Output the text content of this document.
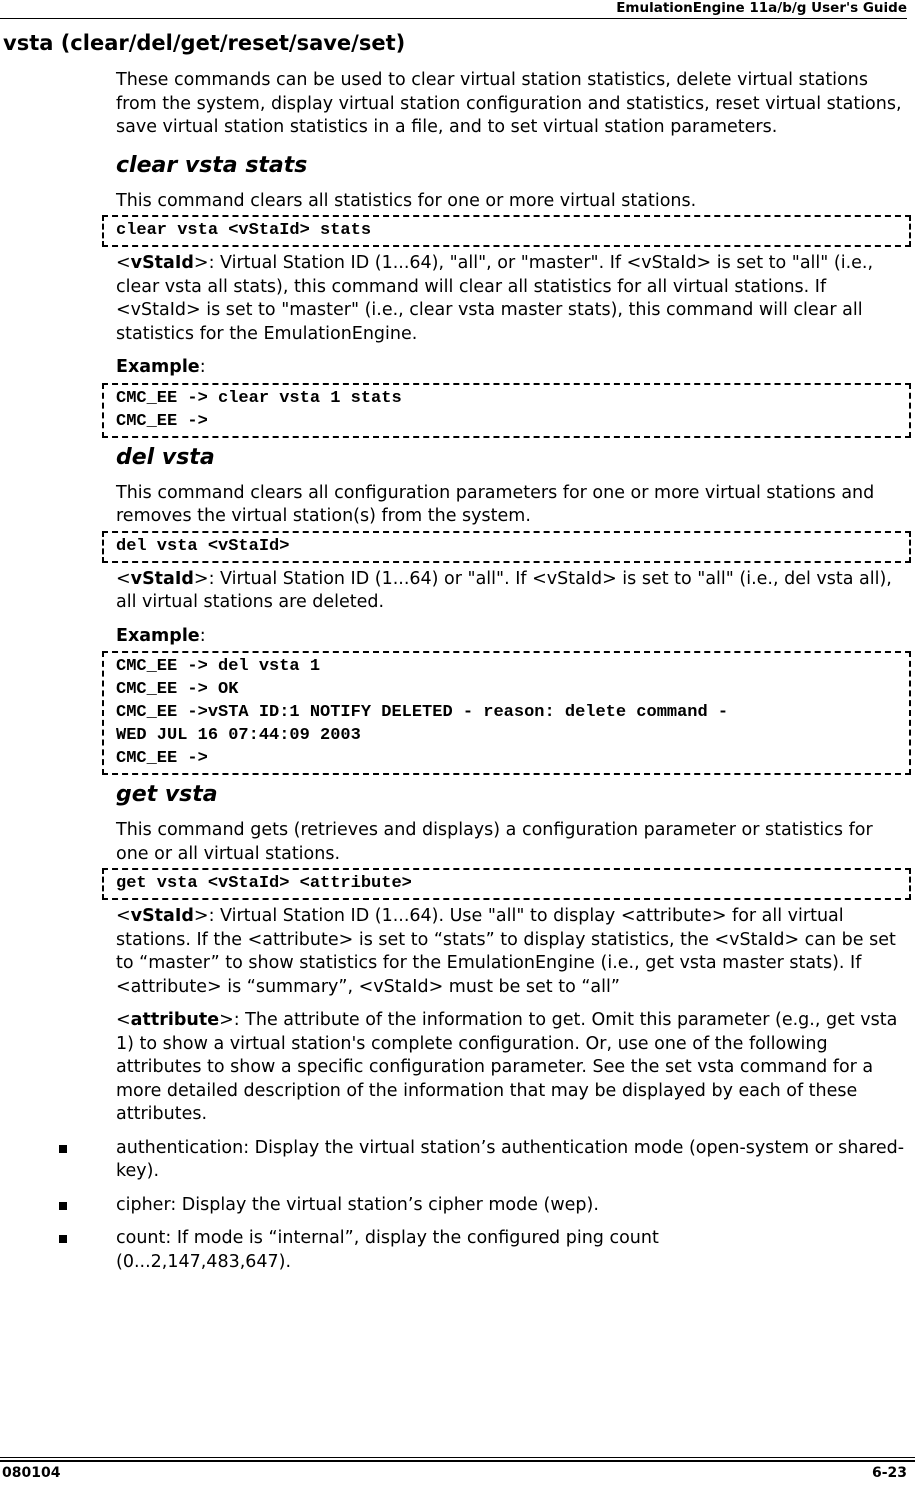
EmulationEngine 11a/b/g User's Guide
vsta (clear/del/get/reset/save/set)

These commands can be used to clear virtual station statistics, delete virtual stations from the system, display virtual station configuration and statistics, reset virtual stations, save virtual station statistics in a file, and to set virtual station parameters.

clear vsta stats

This command clears all statistics for one or more virtual stations.

clear vsta <vStaId> stats

<vStaId>: Virtual Station ID (1...64), "all", or "master". If <vStaId> is set to "all" (i.e., clear vsta all stats), this command will clear all statistics for all virtual stations. If <vStaId> is set to "master" (i.e., clear vsta master stats), this command will clear all statistics for the EmulationEngine.

Example:

CMC_EE -> clear vsta 1 stats
CMC_EE ->
del vsta

This command clears all configuration parameters for one or more virtual stations and removes the virtual station(s) from the system.

del vsta <vStaId>

<vStaId>: Virtual Station ID (1...64) or "all". If <vStaId> is set to "all" (i.e., del vsta all), all virtual stations are deleted.

Example:

CMC_EE -> del vsta 1
CMC_EE -> OK
CMC_EE ->vSTA ID:1 NOTIFY DELETED - reason: delete command -
WED JUL 16 07:44:09 2003
CMC_EE ->
get vsta

This command gets (retrieves and displays) a configuration parameter or statistics for one or all virtual stations.

get vsta <vStaId> <attribute>

<vStaId>: Virtual Station ID (1...64). Use "all" to display <attribute> for all virtual stations. If the <attribute> is set to “stats” to display statistics, the <vStaId> can be set to “master” to show statistics for the EmulationEngine (i.e., get vsta master stats). If <attribute> is “summary”, <vStaId> must be set to “all”

<attribute>: The attribute of the information to get. Omit this parameter (e.g., get vsta 1) to show a virtual station's complete configuration. Or, use one of the following attributes to show a specific configuration parameter. See the set vsta command for a more detailed description of the information that may be displayed by each of these attributes.

authentication: Display the virtual station’s authentication mode (open-system or shared-key).
cipher: Display the virtual station’s cipher mode (wep).
count: If mode is “internal”, display the configured ping count (0...2,147,483,647).
080104	6-23
